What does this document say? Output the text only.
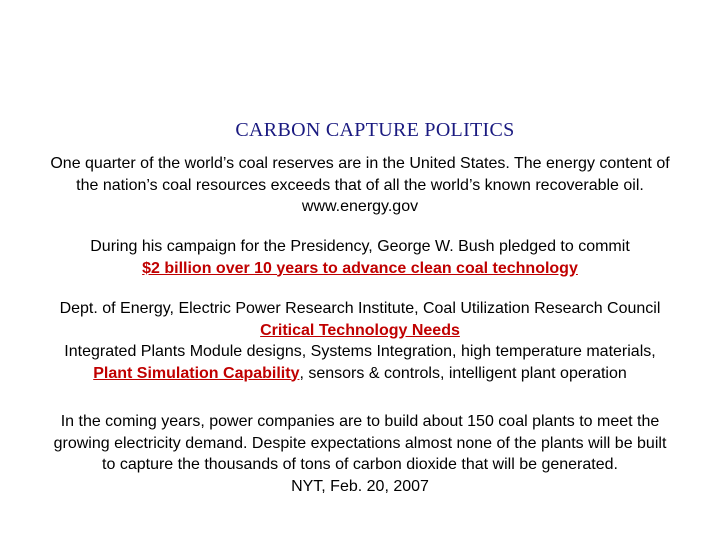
CARBON CAPTURE POLITICS
One quarter of the world’s coal reserves are in the United States. The energy content of
the nation’s coal resources exceeds that of all the world’s known recoverable oil.
www.energy.gov
During his campaign for the Presidency, George W. Bush pledged to commit
$2 billion over 10 years to advance clean coal technology
Dept. of Energy, Electric Power Research Institute, Coal Utilization Research Council
Critical Technology Needs
Integrated Plants Module designs, Systems Integration, high temperature materials,
Plant Simulation Capability, sensors & controls, intelligent plant operation
In the coming years, power companies are to build about 150 coal plants to meet the
growing electricity demand. Despite expectations almost none of the plants will be built
to capture the thousands of tons of carbon dioxide that will be generated.
NYT, Feb. 20, 2007
